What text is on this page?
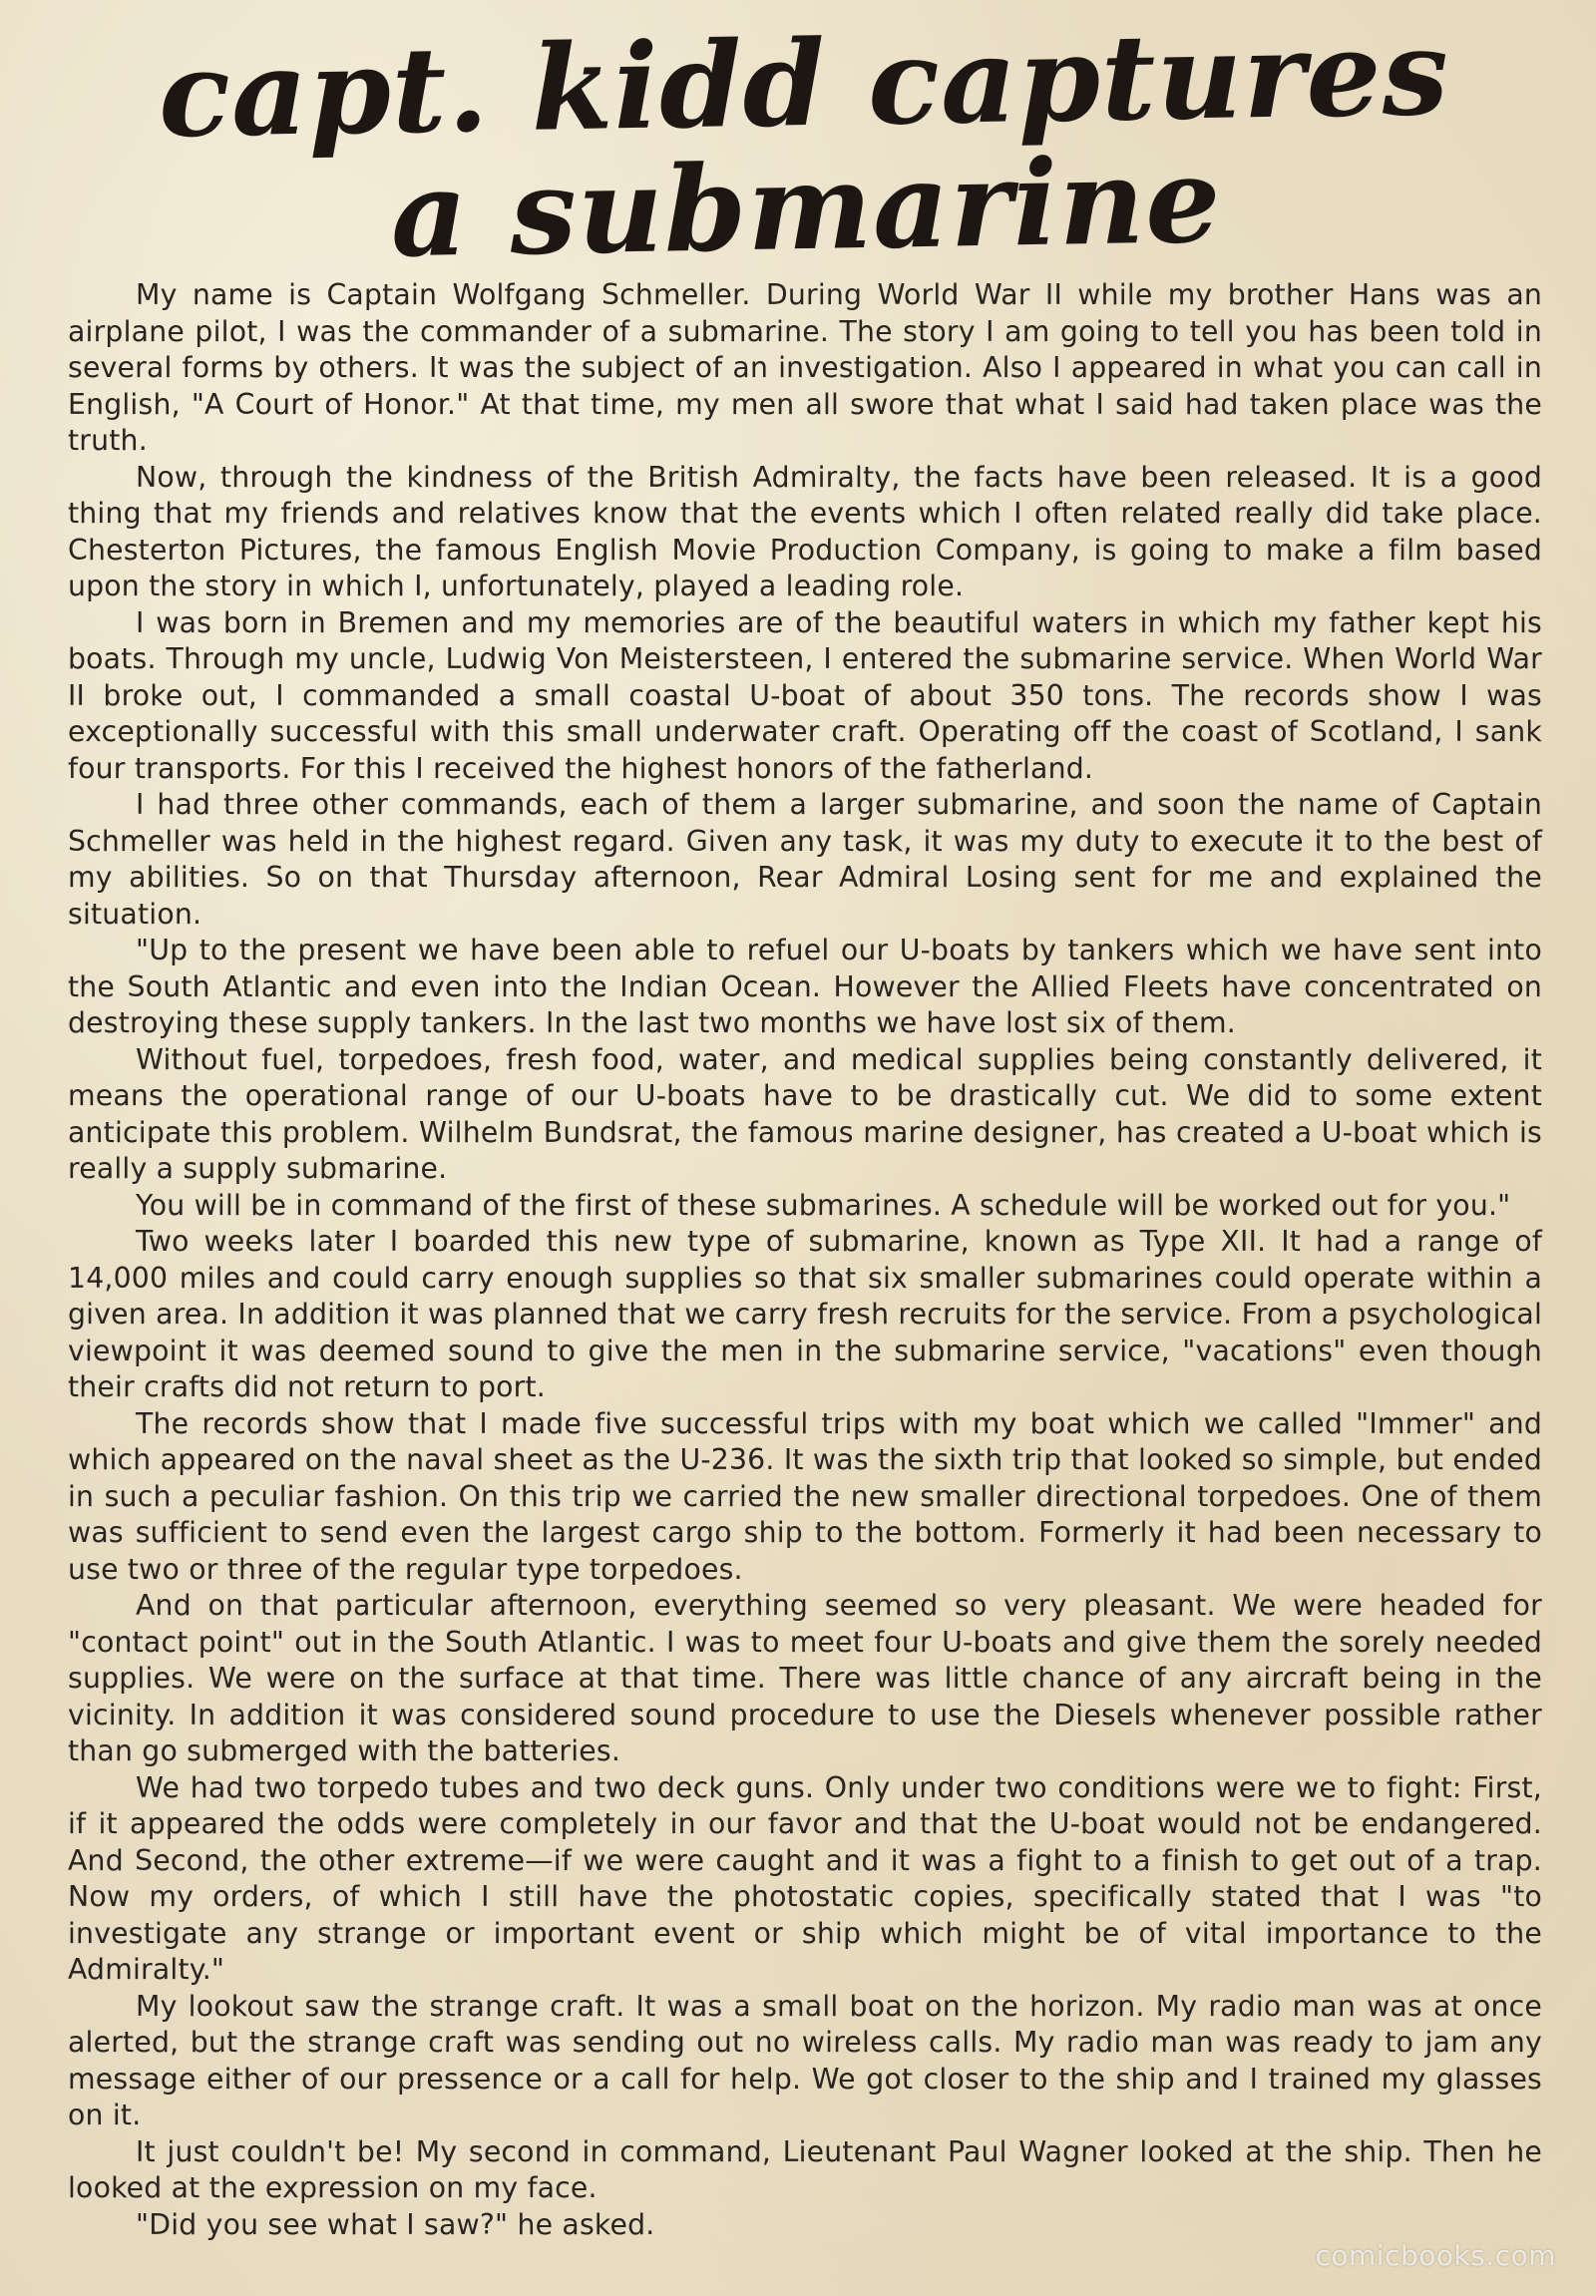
capt. kidd captures
a submarine

My name is Captain Wolfgang Schmeller. During World War II while my brother Hans was an airplane pilot, I was the commander of a submarine. The story I am going to tell you has been told in several forms by others. It was the subject of an investigation. Also I appeared in what you can call in English, "A Court of Honor." At that time, my men all swore that what I said had taken place was the truth.

Now, through the kindness of the British Admiralty, the facts have been released. It is a good thing that my friends and relatives know that the events which I often related really did take place. Chesterton Pictures, the famous English Movie Production Company, is going to make a film based upon the story in which I, unfortunately, played a leading role.

I was born in Bremen and my memories are of the beautiful waters in which my father kept his boats. Through my uncle, Ludwig Von Meistersteen, I entered the submarine service. When World War II broke out, I commanded a small coastal U-boat of about 350 tons. The records show I was exceptionally successful with this small underwater craft. Operating off the coast of Scotland, I sank four transports. For this I received the highest honors of the fatherland.

I had three other commands, each of them a larger submarine, and soon the name of Captain Schmeller was held in the highest regard. Given any task, it was my duty to execute it to the best of my abilities. So on that Thursday afternoon, Rear Admiral Losing sent for me and explained the situation.

"Up to the present we have been able to refuel our U-boats by tankers which we have sent into the South Atlantic and even into the Indian Ocean. However the Allied Fleets have concentrated on destroying these supply tankers. In the last two months we have lost six of them.

Without fuel, torpedoes, fresh food, water, and medical supplies being constantly delivered, it means the operational range of our U-boats have to be drastically cut. We did to some extent anticipate this problem. Wilhelm Bundsrat, the famous marine designer, has created a U-boat which is really a supply submarine.

You will be in command of the first of these submarines. A schedule will be worked out for you."

Two weeks later I boarded this new type of submarine, known as Type XII. It had a range of 14,000 miles and could carry enough supplies so that six smaller submarines could operate within a given area. In addition it was planned that we carry fresh recruits for the service. From a psychological viewpoint it was deemed sound to give the men in the submarine service, "vacations" even though their crafts did not return to port.

The records show that I made five successful trips with my boat which we called "Immer" and which appeared on the naval sheet as the U-236. It was the sixth trip that looked so simple, but ended in such a peculiar fashion. On this trip we carried the new smaller directional torpedoes. One of them was sufficient to send even the largest cargo ship to the bottom. Formerly it had been necessary to use two or three of the regular type torpedoes.

And on that particular afternoon, everything seemed so very pleasant. We were headed for "contact point" out in the South Atlantic. I was to meet four U-boats and give them the sorely needed supplies. We were on the surface at that time. There was little chance of any aircraft being in the vicinity. In addition it was considered sound procedure to use the Diesels whenever possible rather than go submerged with the batteries.

We had two torpedo tubes and two deck guns. Only under two conditions were we to fight: First, if it appeared the odds were completely in our favor and that the U-boat would not be endangered. And Second, the other extreme—if we were caught and it was a fight to a finish to get out of a trap. Now my orders, of which I still have the photostatic copies, specifically stated that I was "to investigate any strange or important event or ship which might be of vital importance to the Admiralty."

My lookout saw the strange craft. It was a small boat on the horizon. My radio man was at once alerted, but the strange craft was sending out no wireless calls. My radio man was ready to jam any message either of our pressence or a call for help. We got closer to the ship and I trained my glasses on it.

It just couldn't be! My second in command, Lieutenant Paul Wagner looked at the ship. Then he looked at the expression on my face.

"Did you see what I saw?" he asked.

comicbooks.com
